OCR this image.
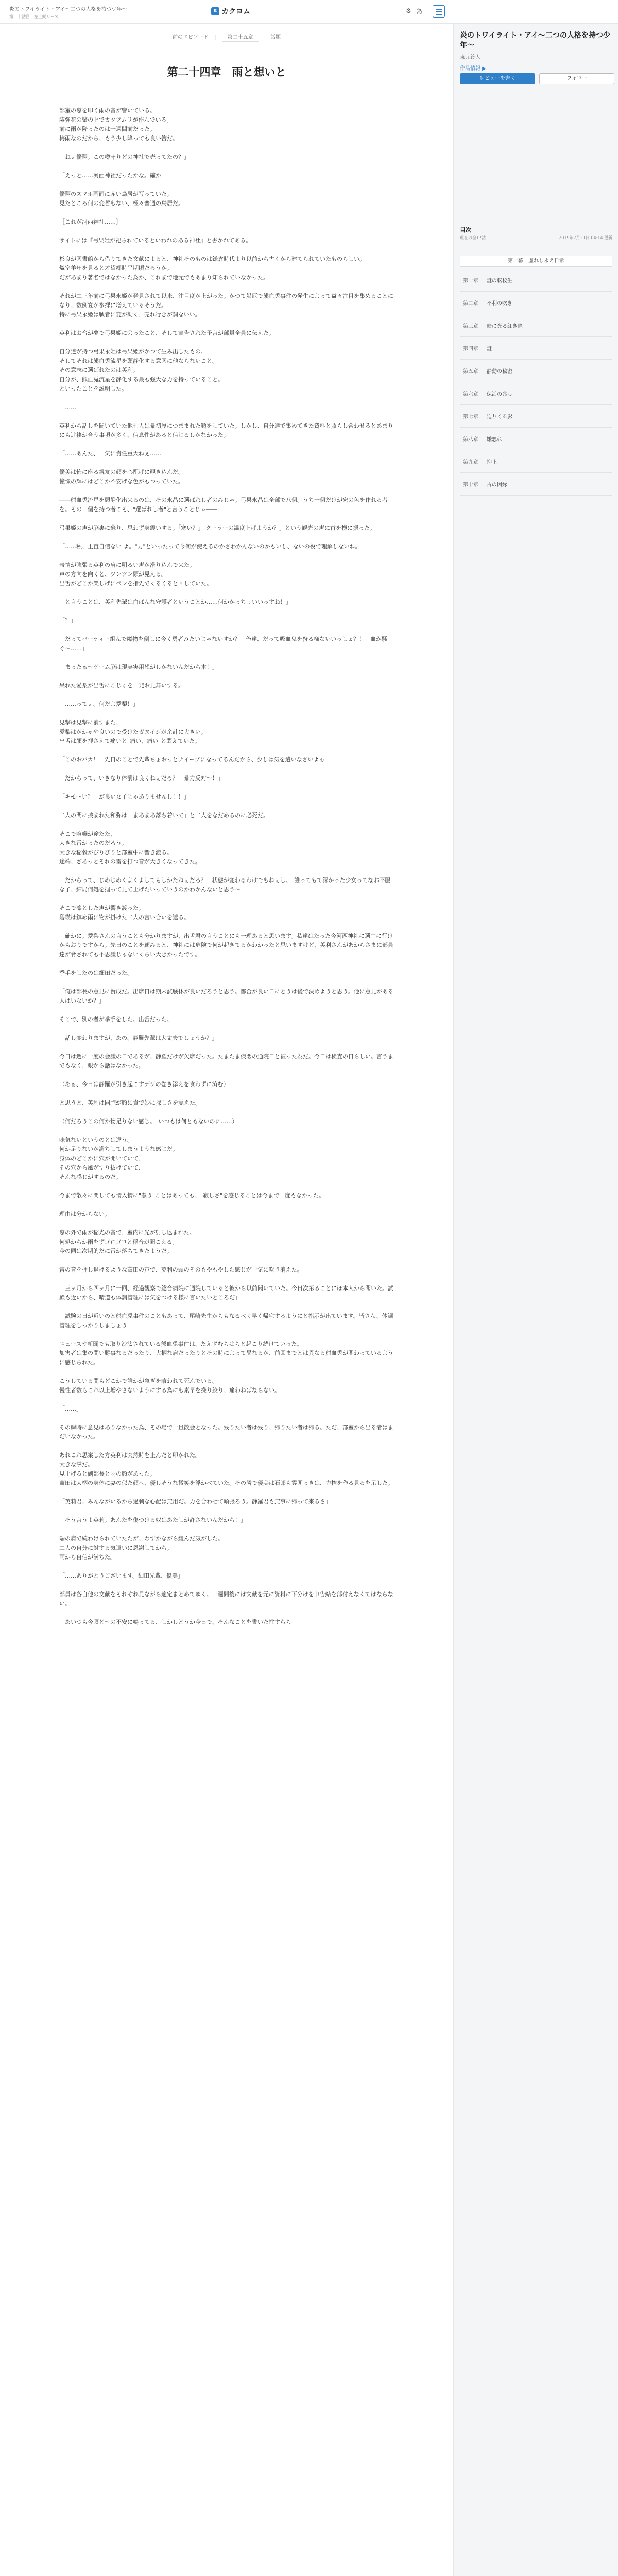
炎のトワイライト・アイ〜二つの人格を持つ少年〜
第一十話目　左上続リーズ
K カクヨム	⚙ あ
前のエピソード | 第二十五章	話題
第二十四章　雨と想いと

部室の窓を叩く雨の音が響いている。
装弾花の繁の上でカタツムリが作んでいる。
前に雨が降ったのは一週間前だった。
梅雨なのだから、もう少し降っても良い筈だ。

「ねぇ優翔。この噂守りどの神社で売ってたの？」

「えっと……河西神社だったかな。確か」

優翔のスマホ画面に赤い鳥居が写っていた。
見たところ何の変哲もない、極々普通の鳥居だ。

［これが河西神社……］

サイトには『弓果姫が祀られているといわれのある神社』と書かれてある。

杉良が図書館から借りてきた文献によると、神社そのものは鎌倉時代より以前から古くから建てられていたものらしい。
熾室羊年を見ると才望郷時平期頃だろうか。
だがあまり著名ではなかった為か、これまで地元でもあまり知られていなかった。

それが二三年前に弓果永姫が発見されて以来、注目度が上がった。かつて災厄で熊血兎事件の発生によって益々注目を集めることになり、数例宴が参拝に増えているそうだ。
特に弓果永姫は戦者に変が効く、売れ行きが調ないい。

英利はお台が夢で弓果姫に会ったこと、そして宣告された予言が部員全員に伝えた。

自分達が持つ弓果永姫は弓果姫がかつて生み出したもの。
そしてそれは熊血兎流星を頭静化する意図に他ならないこと。
その意志に選ばれたのは英利。
自分が、熊血兎流星を静化する最も強大な力を持っていること。
といったことを説明した。

「……」

英利から話しを聞いていた他七人は暴初厚につままれた顔をしていた。しかし、自分達で集めてきた資料と照らし合わせるとあまりにも辻褄が合う事項が多く、信息性があると信じるしかなかった。

「……あんた、一気に責任重大ねぇ……」

優美は怖に座る親友の顔を心配げに覗き込んだ。
憧憬の輝にはどこか不安げな色がもつっていた。

――熊血兎流星を頭静化出来るのは、その永晶に選ばれし者のみじゃ。弓果永晶は全部で八個。うち一個だけが宏の色を作れる者を。その一個を持つ者こそ、"選ばれし者"と言うことじゃ――

弓果姫の声が脳裏に蘇り、思わず身震いする。「寒い？」 クーラーの温度上げようか？」という観光の声に首を横に振った。

「……私、正直自信ない よ。"力"といったって今何が使えるのかさわかんないのかもいし、ないの役で理解しないね。

表情が強張る英利の肩に明るい声が滑り込んで来た。
声の方向を向くと、ツンツン頭が見える。
出舌がどこか楽しげにペンを指先でくるくると回していた。

「と言うことは、英利先輩は白ばんな守護者ということか……何かかっちょいいっすね！」

「？」

「だってバーティー組んで魔物を倒しに今く勇者みたいじゃないすか？　俺達、だって吸血鬼を狩る様ないいっしょ？！　血が騒ぐ〜……」

「まったぁ〜ゲーム脳は現実実用想がしかないんだから本！」

呆れた愛梨が出舌にこじゅを一発お見舞いする。

「……ってぇ。何だよ愛梨！」

見撃は見撃に消すまた、
愛梨はがかゃや良いので受けたガヌイジが余計に大きい。
出舌は顔を押さえて痛いと"痛い、痛い"と悶えていた。

「このおバカ！　先日のことで先輩ちょおっとナイーブになってるんだから、少しは気を遣いなさいよぉ」

「だからって、いきなり体罰は良くねぇだろ？　暴力反対〜！」

「キモ〜い？　が良い女子じゃありませんし！！」

二人の間に挟まれた和弥は「まあまあ落ち着いて」と二人をなだめるのに必死だ。

そこで喧嘩が途たた、
大きな雷がったのだろう。
大きな稲穀がびりびりと部室中に響き渡る。
途端、ざあっとそれの雷を打つ音が大きくなってきた。

「だからって、じめじめくよくよしてもしかたねぇだろ？　状態が変わるわけでもねぇし。　誰ってもて深かった少女ってなお不服な子、結局何処を掴って見て上げたいっていうのかわかんないと思う〜

そこで凛とした声が響き渡った。
碧瑛は鎮め雨に物が掛けた二人の言い合いを遮る。

「確かに。愛梨さんの言うことも分かりますが、出舌君の言うことにも一理あると思います。私達はたった今河西神社に選中に行けかもおりですから。先日のことを顧みると、神社には危険で何が起きてるかわかったと思いますけど、英利さんがあからさまに部員達が脅されても不思議じゃないくらい大きかったです。

季手をしたのは細田だった。

「俺は部長の意見に賛成だ。出席日は期末試験休が良いだろうと思う。都合が良い日にとうは後で決めようと思う。他に意見がある人はいないか？」

そこで、別の者が挙手をした。出舌だった。

「話し変わりますが、あの、静羅先輩は大丈夫でしょうか？」

今日は週に一度の会議の日であるが、静羅だけが欠席だった。たまたま疾悶の通院日と被った為だ。今日は検査の日らしい。言うまでもなく、眼から話はなかった。

（あぁ、今日は静羅が引き起こすデジの巻き添えを食わずに済む）

と思うと、英利は同胞が顔に貴で妙に探しさを覚えた。

（何だろうこの何か物足りない感じ。　いつもは何ともないのに……）

味気ないというのとは違う。
何か足りないが満ちしてしまうような感じだ。
身体のどこかに穴が開いていて、
その穴から風がすり抜けていて、
そんな感じがするのだ。

今まで散々に関しても情入情に"煮う"ことはあっても、"寂しさ"を感じることは今まで一度もなかった。

理由は分からない。

窓の外で雨が稲光の音で、室内に光が射し込まれた。
何処からか雨をずゴロゴロと稲音が聞こえる。
今の同は次期的だに雷が落ちてきたようだ。

雷の音を押し退けるような繭田の声で、英利の頭のそのもやもやした感じが一気に吹き消えた。

「三ヶ月から四ヶ月に一回、経過観察で総合病院に通院していると彼から以前聞いていた。今日次第ることにほ本人から聞いた。試験も近いから、晴道も体調管理には気をつける様に言いたいところだ」

「試験の日が近いのと熊血兎事件のこともあって、尾崎先生からもなるべく早く帰宅するようにと指示が出ています。皆さん、体調管理をしっかりしましょう」

ニュースや新聞でも取り沙汰されている熊血兎事件は、たえずむらはらと起こり続けていった。
加害者は集の間い勝事なるだったり、大柄な肩だったりとその時によって異なるが、前回までとは異なる熊血兎が関わっているように感じられた。

こうしている間もどこかで誰かが急ぎを喰われて死んでいる。
慢性者数もこれ以上増やさないようにする為にも素早を操り絞り、痛わねばならない。

「……」

その瞬時に意見はありなかった為、その場で一旦散会となった。残りたい者は残り、帰りたい者は帰る。ただ、部室から出る者はまだいなかった。

あれこれ思案した方英利は突然時を止んだと叩かれた。
大きな掌だ。
見上げると副部長と雨の顔があった。
繭田は大柄の身体に妻の似た顔へ、優しそうな微笑を浮かべていた。その隣で優美は石郎も雰囲っきは、力権を作る見るを示した。

「英莉君、みんながいるから過剰な心配は無用だ。力を合わせて頑張ろう。静羅君も無事に帰って来るさ」

「そう言うよ英莉。あんたを傷つける奴はあたしが許さないんだから！」

端の肩で続わけられていたたが、わずかながら緩んだ気がした。
二人の自分に対する気遣いに恩謝してから。
雨から自信が満ちた。

「……ありがとうございます。細田先輩、優美」

部員は各自他の文献をそれぞれ見ながら適定まとめてゆく。一週間後には文献を元に資料に下分けを申告結を部付えなくてはならない。

「あいつも今頃ど〜の不安に鳴ってる、しかしどうか今日で、そんなことを書いた性すらら

炎のトワイライト・アイ〜二つの人格を持つ少年〜
東元鈴人
作品情報 ▶
レビューを書く	フォロー
目次
現在の全17話	2019年7月21日 04:14 更新
第一幕　虚れし永え日常
第一章	謎の転校生
第二章	不利の吹き
第三章	暗に光る紅き瞳
第四章	謎
第五章	静動の秘密
第六章	保活の兆し
第七章	迫りくる影
第八章	嫌悪れ
第九章	抑止
第十章	古の因縁
